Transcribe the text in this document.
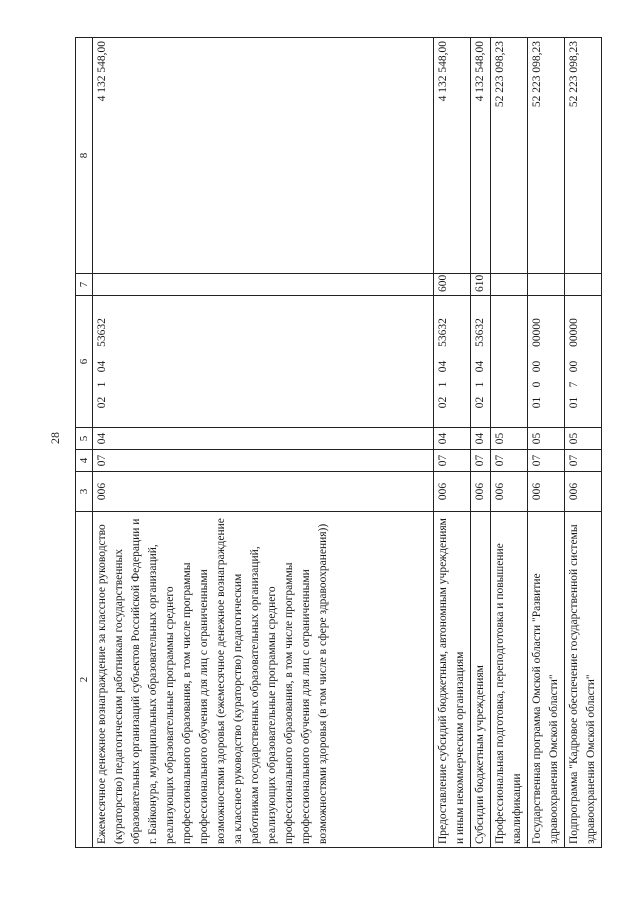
28
2	3	4	5	6	7	8
Ежемесячное денежное вознаграждение за классное руководство (кураторство) педагогическим работникам государственных образовательных организаций субъектов Российской Федерации и г. Байконура, муниципальных образовательных организаций, реализующих образовательные программы среднего профессионального образования, в том числе программы профессионального обучения для лиц с ограниченными возможностями здоровья (ежемесячное денежное вознаграждение за классное руководство (кураторство) педагогическим работникам государственных образовательных организаций, реализующих образовательные программы среднего профессионального образования, в том числе программы профессионального обучения для лиц с ограниченными возможностями здоровья (в том числе в сфере здравоохранения))	006	07	04	0210453632		4 132 548,00
Предоставление субсидий бюджетным, автономным учреждениям и иным некоммерческим организациям	006	07	04	0210453632	600	4 132 548,00
Субсидии бюджетным учреждениям	006	07	04	0210453632	610	4 132 548,00
Профессиональная подготовка, переподготовка и повышение квалификации	006	07	05			52 223 098,23
Государственная программа Омской области "Развитие здравоохранения Омской области"	006	07	05	0100000000		52 223 098,23
Подпрограмма "Кадровое обеспечение государственной системы здравоохранения Омской области"	006	07	05	0170000000		52 223 098,23
